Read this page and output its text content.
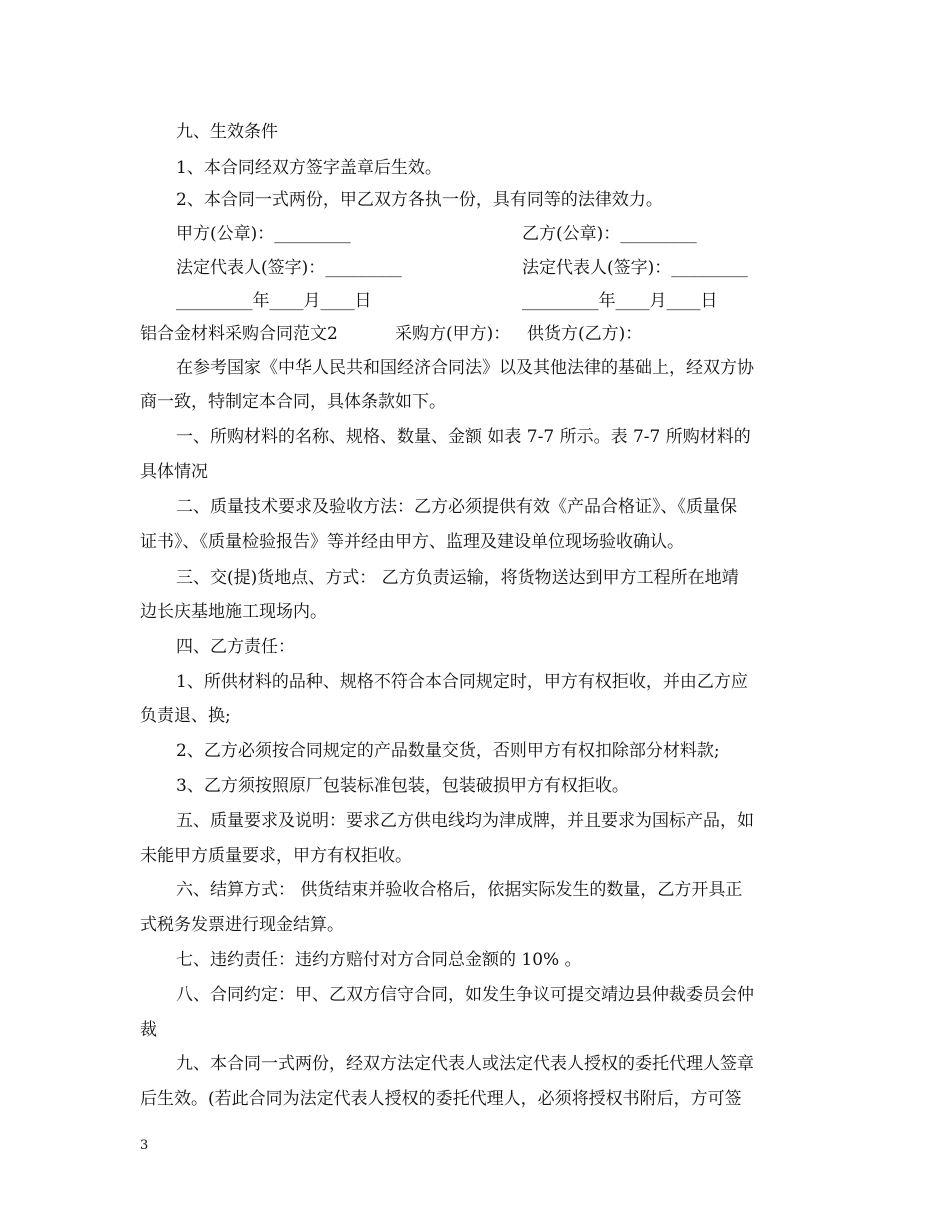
九、生效条件
1、本合同经双方签字盖章后生效。
2、本合同一式两份，甲乙双方各执一份，具有同等的法律效力。
甲方(公章)：_________	乙方(公章)：_________
法定代表人(签字)：_________	法定代表人(签字)：_________
_________年____月____日	_________年____月____日
铝合金材料采购合同范文2	采购方(甲方)： 供货方(乙方)：
在参考国家《中华人民共和国经济合同法》以及其他法律的基础上，经双方协
商一致，特制定本合同，具体条款如下。
一、所购材料的名称、规格、数量、金额 如表 7-7 所示。表 7-7 所购材料的
具体情况
二、质量技术要求及验收方法：乙方必须提供有效《产品合格证》、《质量保
证书》、《质量检验报告》等并经由甲方、监理及建设单位现场验收确认。
三、交(提)货地点、方式： 乙方负责运输，将货物送达到甲方工程所在地靖
边长庆基地施工现场内。
四、乙方责任：
1、所供材料的品种、规格不符合本合同规定时，甲方有权拒收，并由乙方应
负责退、换;
2、乙方必须按合同规定的产品数量交货，否则甲方有权扣除部分材料款;
3、乙方须按照原厂包装标准包装，包装破损甲方有权拒收。
五、质量要求及说明：要求乙方供电线均为津成牌，并且要求为国标产品，如
未能甲方质量要求，甲方有权拒收。
六、结算方式： 供货结束并验收合格后，依据实际发生的数量，乙方开具正
式税务发票进行现金结算。
七、违约责任：违约方赔付对方合同总金额的 10% 。
八、合同约定：甲、乙双方信守合同，如发生争议可提交靖边县仲裁委员会仲
裁
九、本合同一式两份，经双方法定代表人或法定代表人授权的委托代理人签章
后生效。(若此合同为法定代表人授权的委托代理人，必须将授权书附后，方可签
3
